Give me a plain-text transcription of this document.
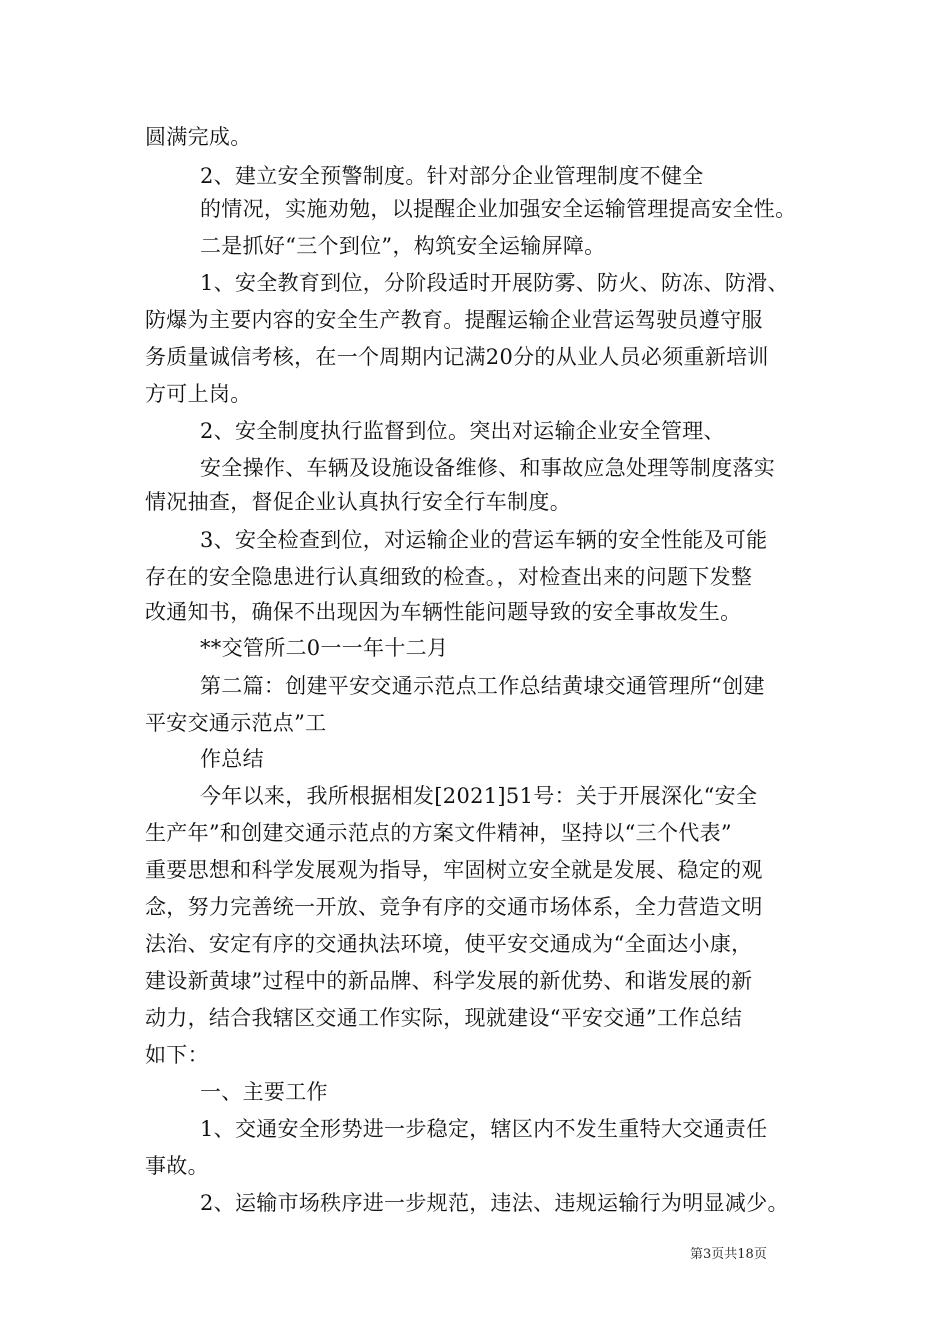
圆满完成。
2、建立安全预警制度。针对部分企业管理制度不健全
的情况，实施劝勉，以提醒企业加强安全运输管理提高安全性。
二是抓好“三个到位”，构筑安全运输屏障。
1、安全教育到位，分阶段适时开展防雾、防火、防冻、防滑、
防爆为主要内容的安全生产教育。提醒运输企业营运驾驶员遵守服
务质量诚信考核，在一个周期内记满20分的从业人员必须重新培训
方可上岗。
2、安全制度执行监督到位。突出对运输企业安全管理、
安全操作、车辆及设施设备维修、和事故应急处理等制度落实
情况抽查，督促企业认真执行安全行车制度。
3、安全检查到位，对运输企业的营运车辆的安全性能及可能
存在的安全隐患进行认真细致的检查。，对检查出来的问题下发整
改通知书，确保不出现因为车辆性能问题导致的安全事故发生。
**交管所二0一一年十二月
第二篇：创建平安交通示范点工作总结黄埭交通管理所“创建
平安交通示范点”工
作总结
今年以来，我所根据相发[2021]51号：关于开展深化“安全
生产年”和创建交通示范点的方案文件精神，坚持以“三个代表”
重要思想和科学发展观为指导，牢固树立安全就是发展、稳定的观
念，努力完善统一开放、竞争有序的交通市场体系，全力营造文明
法治、安定有序的交通执法环境，使平安交通成为“全面达小康，
建设新黄埭”过程中的新品牌、科学发展的新优势、和谐发展的新
动力，结合我辖区交通工作实际，现就建设“平安交通”工作总结
如下：
一、主要工作
1、交通安全形势进一步稳定，辖区内不发生重特大交通责任
事故。
2、运输市场秩序进一步规范，违法、违规运输行为明显减少。
第3页共18页
